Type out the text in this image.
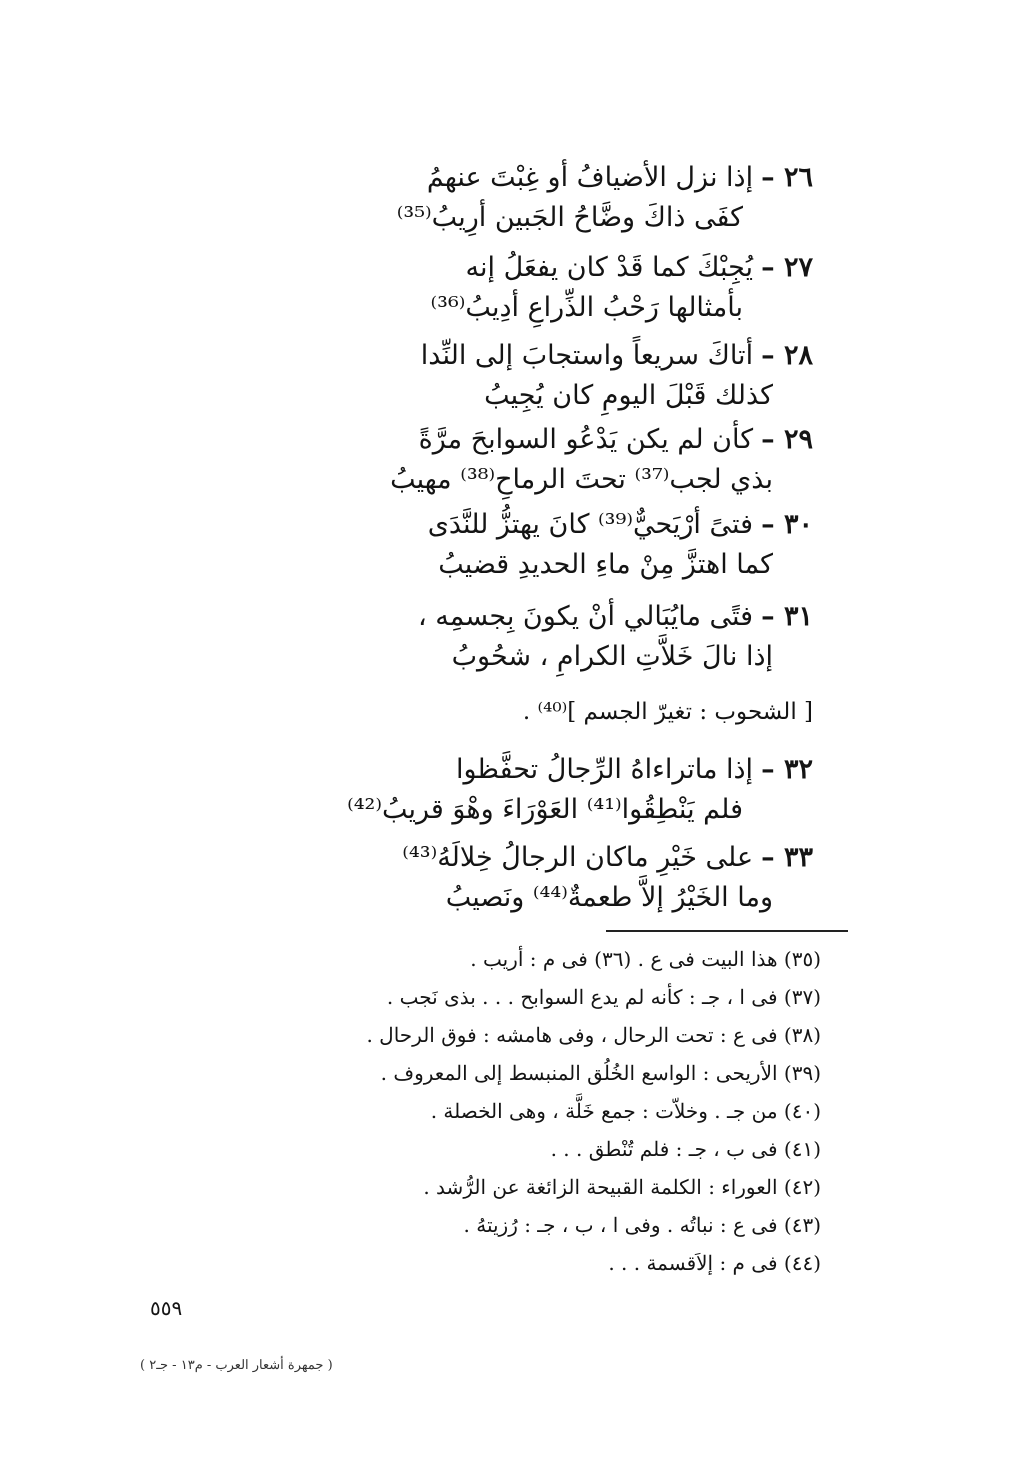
٢٦ –إذا نزل الأضيافُ أو غِبْتَ عنهمُ
كفَى ذاكَ وضَّاحُ الجَبين أرِيبُ⁽³⁵⁾
٢٧ –يُجِبْكَ كما قَدْ كان يفعَلُ إنه
بأمثالها رَحْبُ الذِّراعِ أدِيبُ⁽³⁶⁾
٢٨ –أتاكَ سريعاً واستجابَ إلى النِّدا
كذلك قَبْلَ اليومِ كان يُجِيبُ
٢٩ –كأن لم يكن يَدْعُو السوابحَ مرَّةً
بذي لجب⁽³⁷⁾ تحتَ الرماحِ⁽³⁸⁾ مهيبُ
٣٠ –فتىً أرْيَحيٌّ⁽³⁹⁾ كانَ يهتزُّ للنَّدَى
كما اهتزَّ مِنْ ماءِ الحديدِ قضيبُ
٣١ –فتًى مايُبَالي أنْ يكونَ بِجسمِه ،
إذا نالَ خَلاَّتِ الكرامِ ، شحُوبُ
[ الشحوب : تغيرّ الجسم ]⁽⁴⁰⁾ .
٣٢ –إذا ماتراءاهُ الرِّجالُ تحفَّظوا
فلم يَنْطِقُوا⁽⁴¹⁾ العَوْرَاءَ وهْوَ قريبُ⁽⁴²⁾
٣٣ –على خَيْرِ ماكان الرجالُ خِلالَهُ⁽⁴³⁾
وما الخَيْرُ إلاَّ طعمةٌ⁽⁴⁴⁾ ونَصيبُ
(٣٥) هذا البيت فى ع . (٣٦) فى م : أريب .
(٣٧) فى ا ، جـ : كأنه لم يدع السوابح . . . بذى نَجب .
(٣٨) فى ع : تحت الرحال ، وفى هامشه : فوق الرحال .
(٣٩) الأريحى : الواسع الخُلُق المنبسط إلى المعروف .
(٤٠) من جـ . وخلاّت : جمع خَلَّة ، وهى الخصلة .
(٤١) فى ب ، جـ : فلم تُنْطق . . .
(٤٢) العوراء : الكلمة القبيحة الزائغة عن الرُّشد .
(٤٣) فى ع : نباتُه . وفى ا ، ب ، جـ : رُزيتهُ .
(٤٤) فى م : إلاَقسمة . . .
٥٥٩
( جمهرة أشعار العرب - م١٣ - جـ٢ )
